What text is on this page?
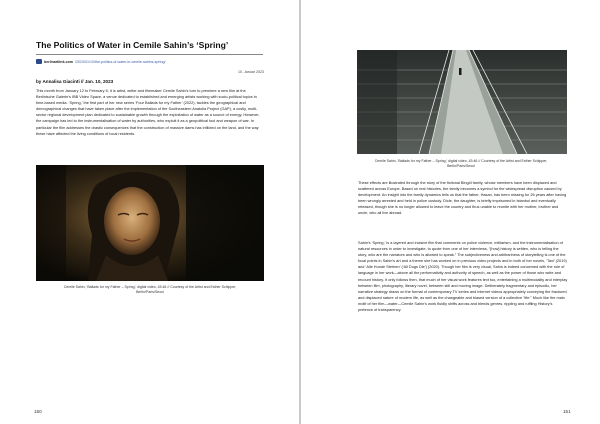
The Politics of Water in Cemile Sahin’s ‘Spring’
berlinartlink.com /2023/01/10/the-politics-of-water-in-cemile-sahins-spring/
10. Januar 2023
by Annalisa Giacinti // Jan. 10, 2023

This month from January 12 to February 5, it is artist, writer and filmmaker Cemile Sahin’s turn to premiere a new film at the Berlinische Galerie’s IBB Video Space, a venue dedicated to established and emerging artists working with socio-political topics in time-based media. ‘Spring,’ the first part of her new series ‘Four Ballads for my Father’ (2022), tackles the geographical and demographical changes that have taken place after the implementation of the Southeastern Anatolia Project (GAP), a costly, multi-sector regional development plan dedicated to sustainable growth through the exploitation of water as a source of energy. However, the campaign has led to the instrumentalisation of water by authorities, who exploit it as a geopolitical tool and weapon of war. In particular the film addresses the drastic consequences that the construction of massive dams has inflicted on the land, and the way these have affected the living conditions of local residents.

Cemile Sahin, ‘Ballads for my Father – Spring,’ digital video, 43:46 // Courtesy of the Artist and Esther Schipper, Berlin/Paris/Seoul
150
Cemile Sahin, ‘Ballads for my Father – Spring,’ digital video, 43:46 // Courtesy of the Artist and Esther Schipper, Berlin/Paris/Seoul

These effects are illustrated through the story of the fictional Bingöl family, whose members have been displaced and scattered across Europe. Based on real histories, the family becomes a symbol for the widespread disruption caused by development. An insight into the family dynamics tells us that the father, Hasan, has been missing for 26 years after having been wrongly arrested and held in police custody. Dicle, the daughter, is briefly imprisoned in Istanbul and eventually released, though she is no longer allowed to leave the country and thus unable to reunite with her mother, brother and uncle, who all live abroad.

Sahin’s ‘Spring,’ is a layered and incisive film that comments on police violence, militarism, and the instrumentalisation of natural resources in order to investigate, to quote from one of her interviews, “[how] history is written, who is telling the story, who are the narrators and who is allowed to speak.” The subjectiveness and arbitrariness of storytelling is one of the focal points in Sahin’s art and a theme she has worked on in previous video projects and in both of her novels, ‘Taxi’ (2019) and ‘Alle Hunde Sterben’ (‘All Dogs Die’) (2020). Though her film is very visual, Sahin is indeed concerned with the role of language in her work—above all the performativity and authority of speech, as well as the power of those who write and recount history. It only follows then, that much of her visual work features text too, entertaining a multimodality and interplay between film, photography, literary novel, between still and moving image. Deliberately fragmentary and episodic, her narrative strategy draws on the format of contemporary TV series and internet videos appropriately conveying the fractured and displaced nature of modern life, as well as the changeable and biased version of a collective “life.” Much like the main motif of her film—water—Cemile Sahin’s work fluidly shifts across and blends genres, rippling and ruffling History’s pretence of transparency.

151
